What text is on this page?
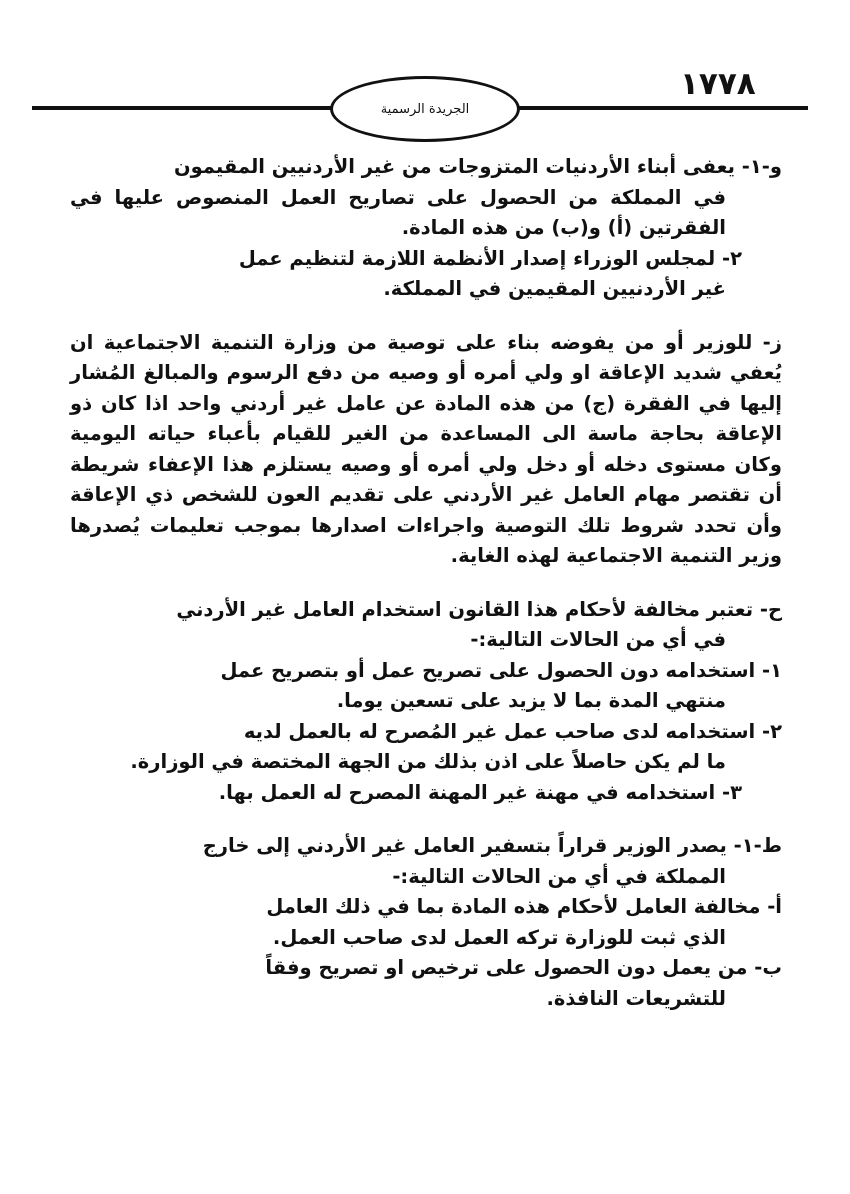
١٧٧٨
الجريدة الرسمية
و-١- يعفى أبناء الأردنيات المتزوجات من غير الأردنيين المقيمون
في المملكة من الحصول على تصاريح العمل المنصوص عليها في الفقرتين (أ) و(ب) من هذه المادة.
٢- لمجلس الوزراء إصدار الأنظمة اللازمة لتنظيم عمل
غير الأردنيين المقيمين في المملكة.
ز- للوزير أو من يفوضه بناء على توصية من وزارة التنمية الاجتماعية ان يُعفي شديد الإعاقة او ولي أمره أو وصيه من دفع الرسوم والمبالغ المُشار إليها في الفقرة (ج) من هذه المادة عن عامل غير أردني واحد اذا كان ذو الإعاقة بحاجة ماسة الى المساعدة من الغير للقيام بأعباء حياته اليومية وكان مستوى دخله أو دخل ولي أمره أو وصيه يستلزم هذا الإعفاء شريطة أن تقتصر مهام العامل غير الأردني على تقديم العون للشخص ذي الإعاقة وأن تحدد شروط تلك التوصية واجراءات اصدارها بموجب تعليمات يُصدرها وزير التنمية الاجتماعية لهذه الغاية.
ح- تعتبر مخالفة لأحكام هذا القانون استخدام العامل غير الأردني
في أي من الحالات التالية:-
١- استخدامه دون الحصول على تصريح عمل أو بتصريح عمل
منتهي المدة بما لا يزيد على تسعين يوما.
٢- استخدامه لدى صاحب عمل غير المُصرح له بالعمل لديه
ما لم يكن حاصلاً على اذن بذلك من الجهة المختصة في الوزارة.
٣- استخدامه في مهنة غير المهنة المصرح له العمل بها.
ط-١- يصدر الوزير قراراً بتسفير العامل غير الأردني إلى خارج
المملكة في أي من الحالات التالية:-
أ- مخالفة العامل لأحكام هذه المادة بما في ذلك العامل
الذي ثبت للوزارة تركه العمل لدى صاحب العمل.
ب- من يعمل دون الحصول على ترخيص او تصريح وفقاً
للتشريعات النافذة.
